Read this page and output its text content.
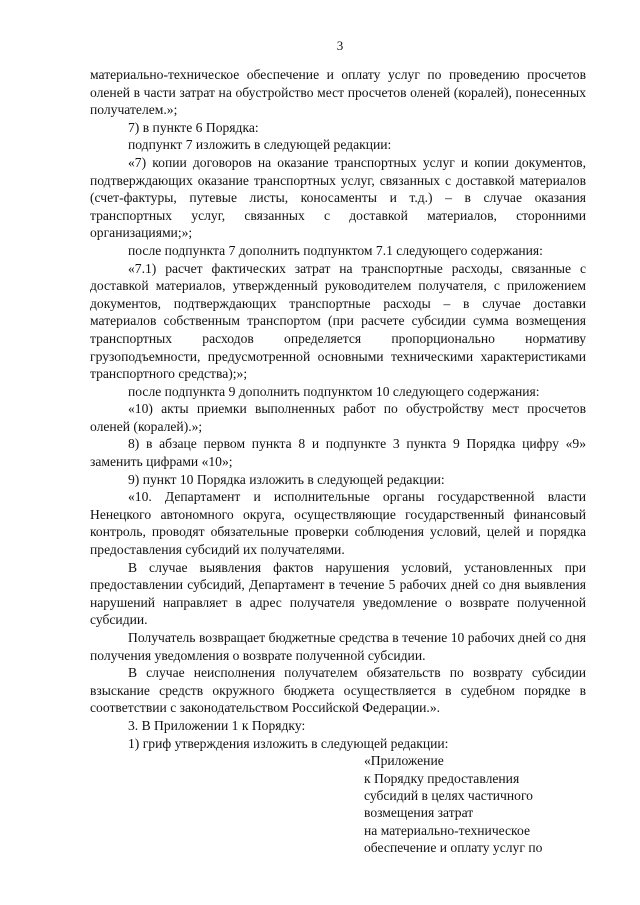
3

материально-техническое обеспечение и оплату услуг по проведению просчетов оленей в части затрат на обустройство мест просчетов оленей (коралей), понесенных получателем.»;

7) в пункте 6 Порядка:

подпункт 7 изложить в следующей редакции:

«7) копии договоров на оказание транспортных услуг и копии документов, подтверждающих оказание транспортных услуг, связанных с доставкой материалов (счет-фактуры, путевые листы, коносаменты и т.д.) – в случае оказания транспортных услуг, связанных с доставкой материалов, сторонними организациями;»;

после подпункта 7 дополнить подпунктом 7.1 следующего содержания:

«7.1) расчет фактических затрат на транспортные расходы, связанные с доставкой материалов, утвержденный руководителем получателя, с приложением документов, подтверждающих транспортные расходы – в случае доставки материалов собственным транспортом (при расчете субсидии сумма возмещения транспортных расходов определяется пропорционально нормативу грузоподъемности, предусмотренной основными техническими характеристиками транспортного средства);»;

после подпункта 9 дополнить подпунктом 10 следующего содержания:

«10) акты приемки выполненных работ по обустройству мест просчетов оленей (коралей).»;

8) в абзаце первом пункта 8 и подпункте 3 пункта 9 Порядка цифру «9» заменить цифрами «10»;

9) пункт 10 Порядка изложить в следующей редакции:

«10. Департамент и исполнительные органы государственной власти Ненецкого автономного округа, осуществляющие государственный финансовый контроль, проводят обязательные проверки соблюдения условий, целей и порядка предоставления субсидий их получателями.

В случае выявления фактов нарушения условий, установленных при предоставлении субсидий, Департамент в течение 5 рабочих дней со дня выявления нарушений направляет в адрес получателя уведомление о возврате полученной субсидии.

Получатель возвращает бюджетные средства в течение 10 рабочих дней со дня получения уведомления о возврате полученной субсидии.

В случае неисполнения получателем обязательств по возврату субсидии взыскание средств окружного бюджета осуществляется в судебном порядке в соответствии с законодательством Российской Федерации.».

3. В Приложении 1 к Порядку:

1) гриф утверждения изложить в следующей редакции:

«Приложение
к Порядку предоставления
субсидий в целях частичного
возмещения затрат
на материально-техническое
обеспечение и оплату услуг по
